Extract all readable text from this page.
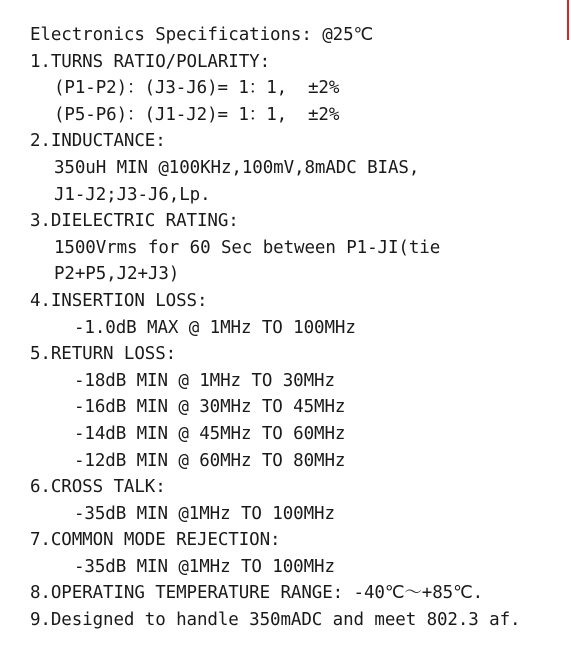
Electronics Specifications: @25℃
1.TURNS RATIO/POLARITY:
(P1-P2)：(J3-J6)= 1：1,  ±2%
(P5-P6)：(J1-J2)= 1：1,  ±2%
2.INDUCTANCE:
350uH MIN @100KHz,100mV,8mADC BIAS,
J1-J2;J3-J6,Lp.
3.DIELECTRIC RATING:
1500Vrms for 60 Sec between P1-JI(tie
P2+P5,J2+J3)
4.INSERTION LOSS:
-1.0dB MAX @ 1MHz TO 100MHz
5.RETURN LOSS:
-18dB MIN @ 1MHz TO 30MHz
-16dB MIN @ 30MHz TO 45MHz
-14dB MIN @ 45MHz TO 60MHz
-12dB MIN @ 60MHz TO 80MHz
6.CROSS TALK:
-35dB MIN @1MHz TO 100MHz
7.COMMON MODE REJECTION:
-35dB MIN @1MHz TO 100MHz
8.OPERATING TEMPERATURE RANGE: -40℃～+85℃.
9.Designed to handle 350mADC and meet 802.3 af.
